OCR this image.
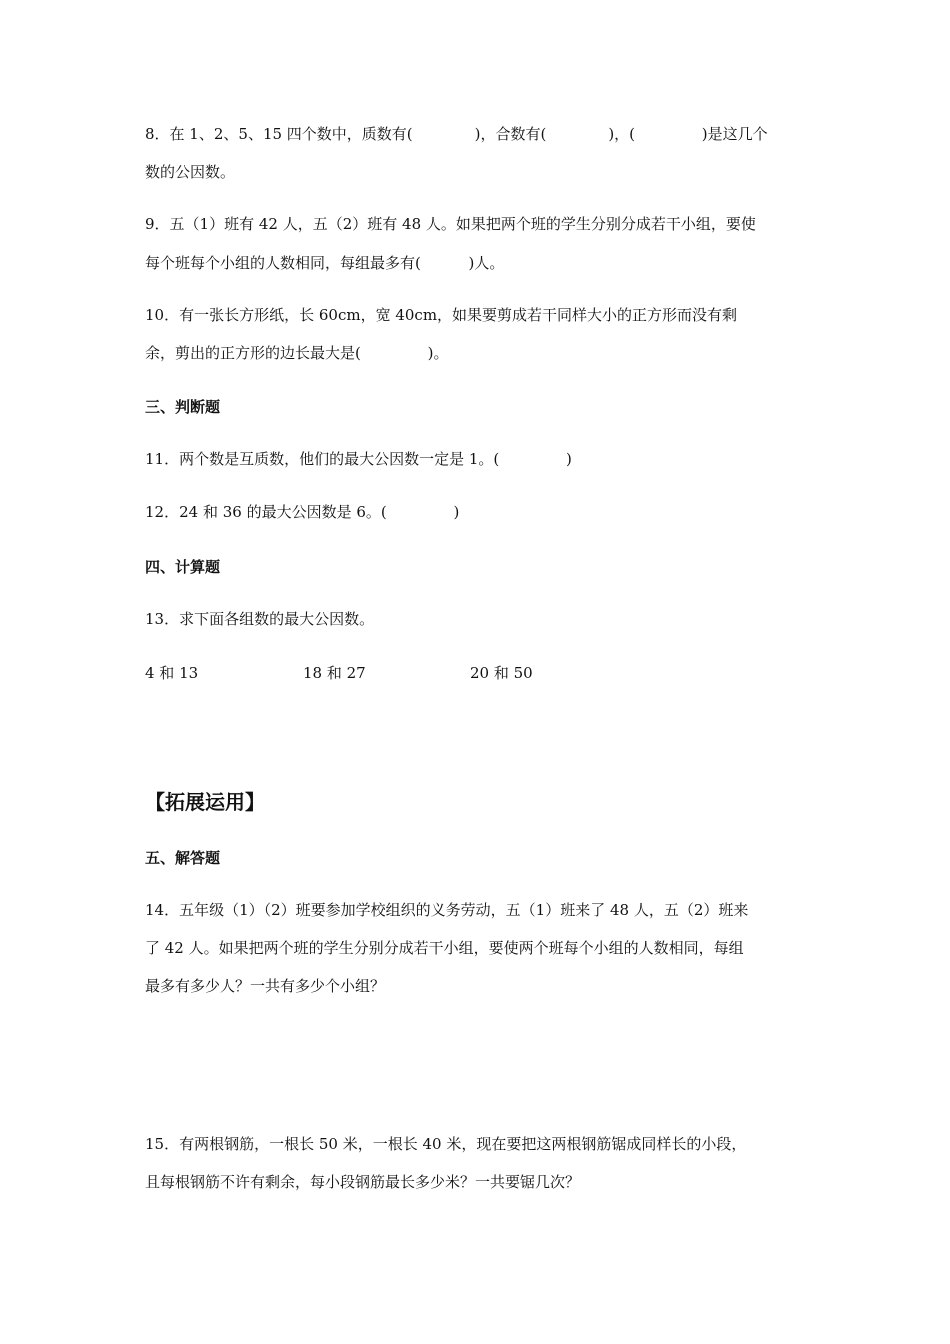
8．在 1、2、5、15 四个数中，质数有(             )，合数有(             )，(              )是这几个
数的公因数。
9．五（1）班有 42 人，五（2）班有 48 人。如果把两个班的学生分别分成若干小组，要使
每个班每个小组的人数相同，每组最多有(          )人。
10．有一张长方形纸，长 60cm，宽 40cm，如果要剪成若干同样大小的正方形而没有剩
余，剪出的正方形的边长最大是(              )。
三、判断题
11．两个数是互质数，他们的最大公因数一定是 1。(              )
12．24 和 36 的最大公因数是 6。(              )
四、计算题
13．求下面各组数的最大公因数。
4 和 13	18 和 27	20 和 50
【拓展运用】
五、解答题
14．五年级（1）（2）班要参加学校组织的义务劳动，五（1）班来了 48 人，五（2）班来
了 42 人。如果把两个班的学生分别分成若干小组，要使两个班每个小组的人数相同，每组
最多有多少人？一共有多少个小组？
15．有两根钢筋，一根长 50 米，一根长 40 米，现在要把这两根钢筋锯成同样长的小段，
且每根钢筋不许有剩余，每小段钢筋最长多少米？一共要锯几次？
